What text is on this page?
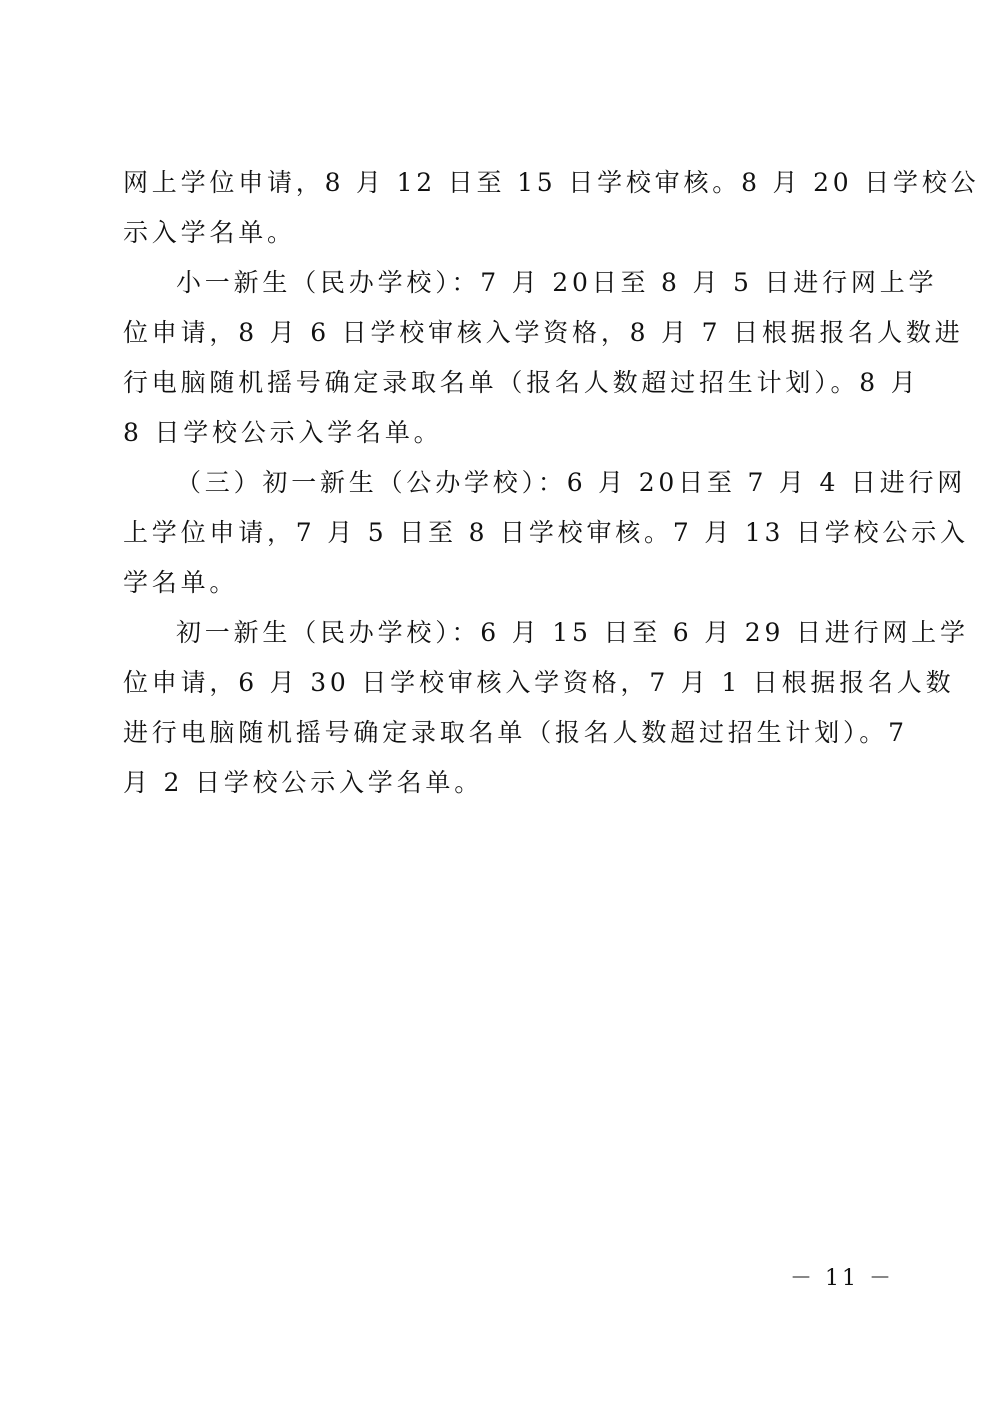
网上学位申请，8 月 12 日至 15 日学校审核。8 月 20 日学校公
示入学名单。
小一新生（民办学校）：7 月 20日至 8 月 5 日进行网上学
位申请，8 月 6 日学校审核入学资格，8 月 7 日根据报名人数进
行电脑随机摇号确定录取名单（报名人数超过招生计划）。8 月
8 日学校公示入学名单。
（三）初一新生（公办学校）：6 月 20日至 7 月 4 日进行网
上学位申请，7 月 5 日至 8 日学校审核。7 月 13 日学校公示入
学名单。
初一新生（民办学校）：6 月 15 日至 6 月 29 日进行网上学
位申请，6 月 30 日学校审核入学资格，7 月 1 日根据报名人数
进行电脑随机摇号确定录取名单（报名人数超过招生计划）。7
月 2 日学校公示入学名单。
－ 11 －
